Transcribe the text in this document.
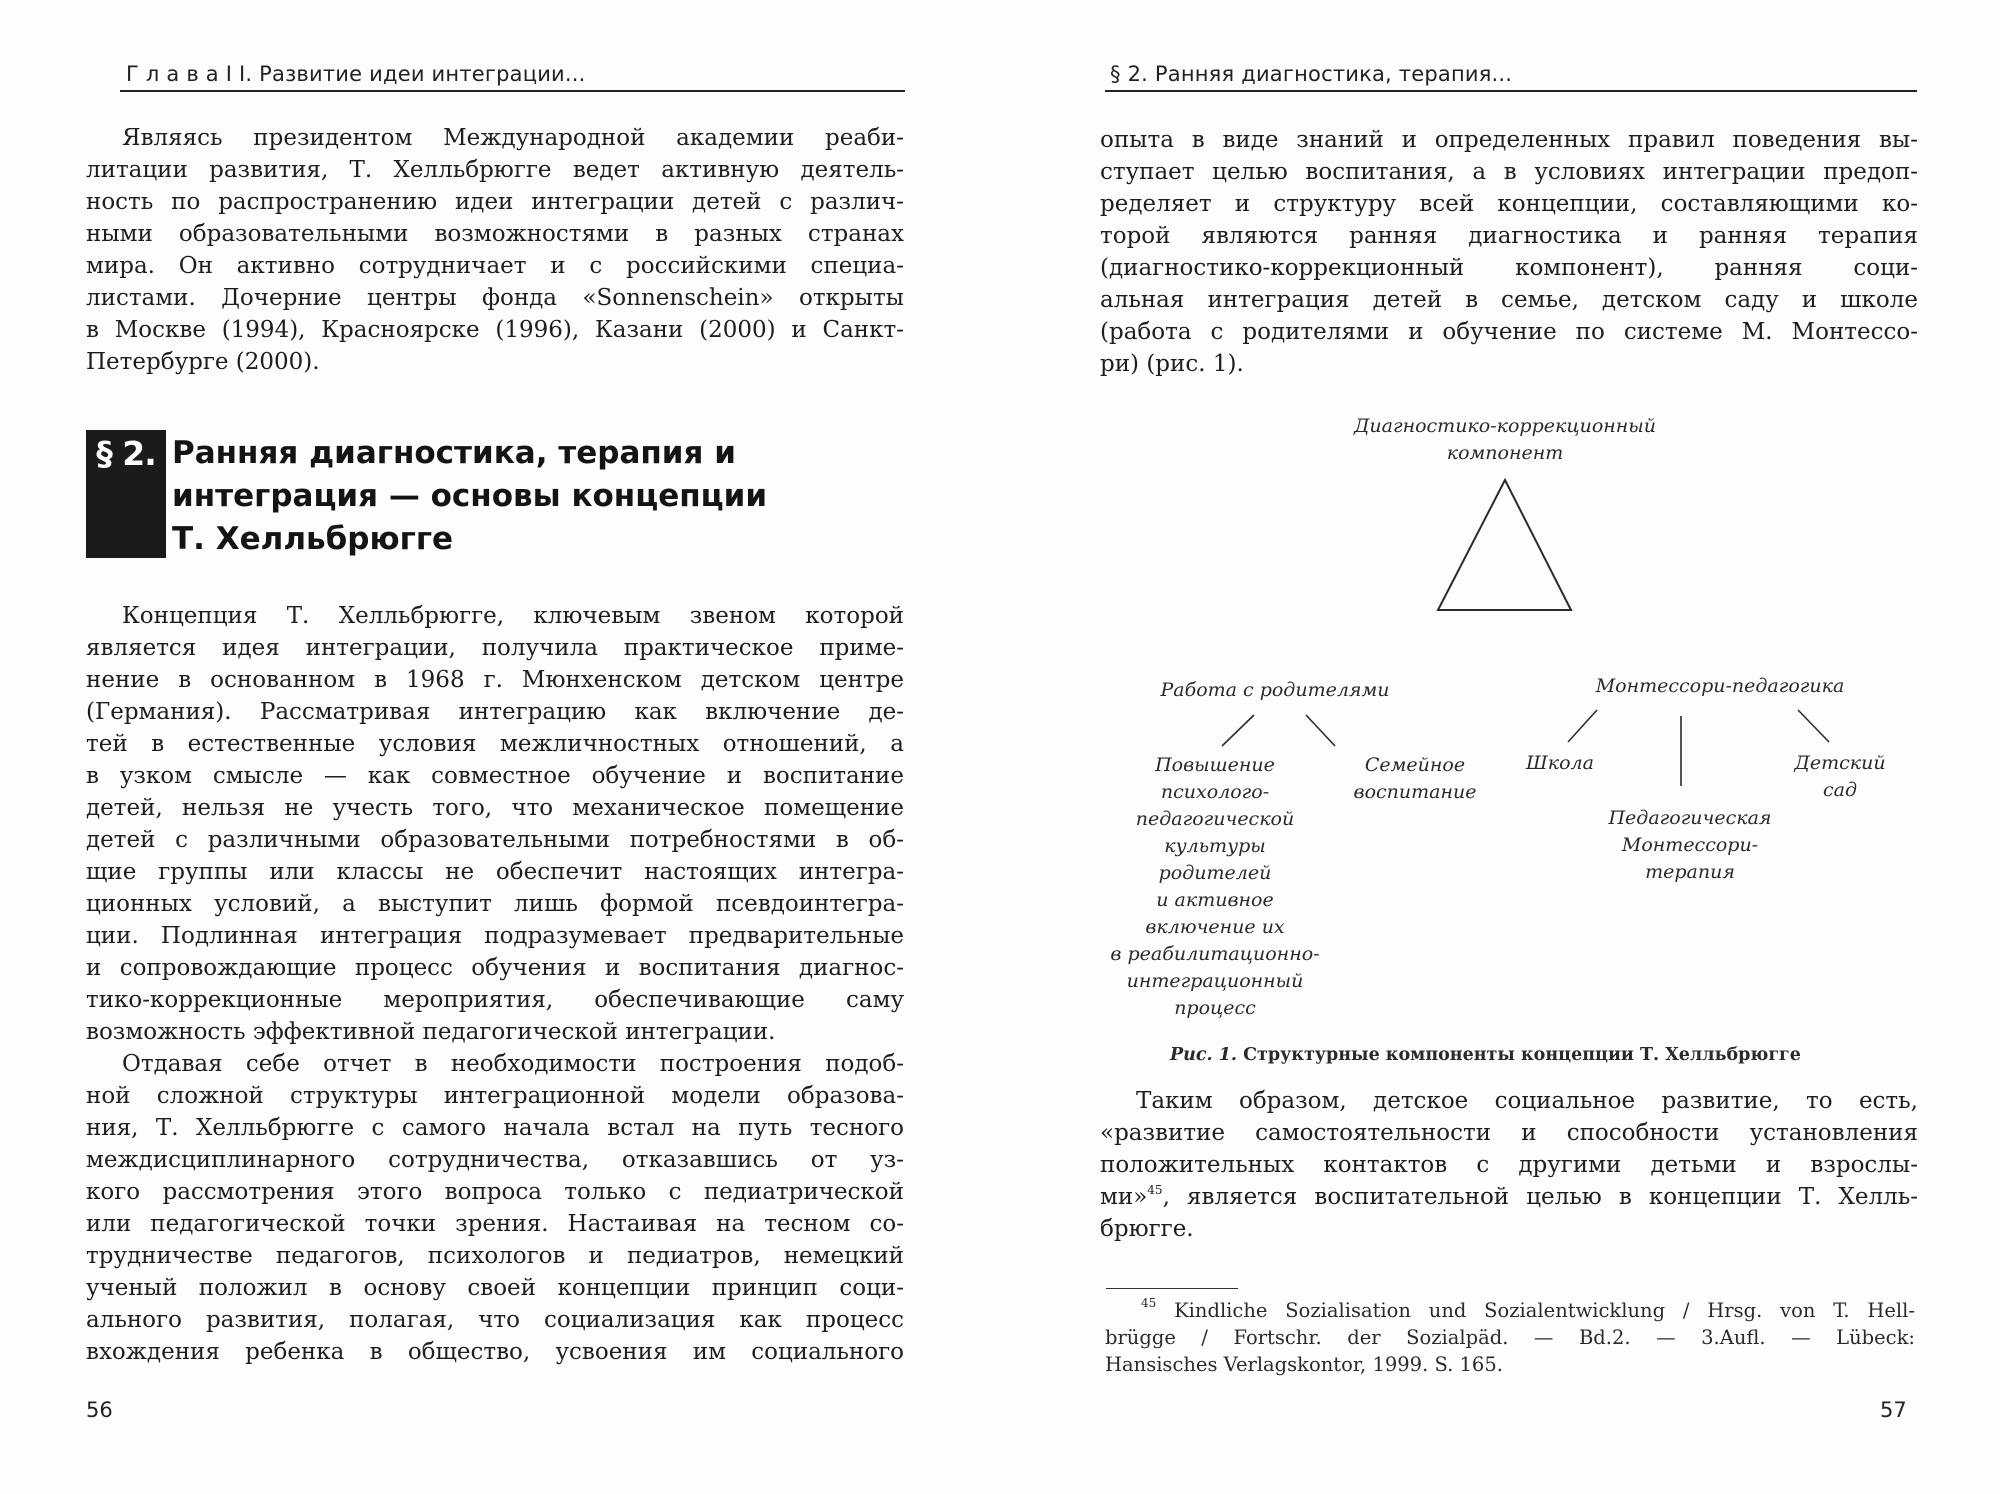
Г л а в а I I. Развитие идеи интеграции...
Являясь президентом Международной академии реаби-
литации развития, Т. Хелльбрюгге ведет активную деятель-
ность по распространению идеи интеграции детей с различ-
ными образовательными возможностями в разных странах
мира. Он активно сотрудничает и с российскими специа-
листами. Дочерние центры фонда «Sonnenschein» открыты
в Москве (1994), Красноярске (1996), Казани (2000) и Санкт-
Петербурге (2000).
§ 2. Ранняя диагностика, терапия и
интеграция — основы концепции
Т. Хелльбрюгге
Концепция Т. Хелльбрюгге, ключевым звеном которой
является идея интеграции, получила практическое приме-
нение в основанном в 1968 г. Мюнхенском детском центре
(Германия). Рассматривая интеграцию как включение де-
тей в естественные условия межличностных отношений, а
в узком смысле — как совместное обучение и воспитание
детей, нельзя не учесть того, что механическое помещение
детей с различными образовательными потребностями в об-
щие группы или классы не обеспечит настоящих интегра-
ционных условий, а выступит лишь формой псевдоинтегра-
ции. Подлинная интеграция подразумевает предварительные
и сопровождающие процесс обучения и воспитания диагнос-
тико-коррекционные мероприятия, обеспечивающие саму
возможность эффективной педагогической интеграции.
Отдавая себе отчет в необходимости построения подоб-
ной сложной структуры интеграционной модели образова-
ния, Т. Хелльбрюгге с самого начала встал на путь тесного
междисциплинарного сотрудничества, отказавшись от уз-
кого рассмотрения этого вопроса только с педиатрической
или педагогической точки зрения. Настаивая на тесном со-
трудничестве педагогов, психологов и педиатров, немецкий
ученый положил в основу своей концепции принцип соци-
ального развития, полагая, что социализация как процесс
вхождения ребенка в общество, усвоения им социального
56
§ 2. Ранняя диагностика, терапия...
опыта в виде знаний и определенных правил поведения вы-
ступает целью воспитания, а в условиях интеграции предоп-
ределяет и структуру всей концепции, составляющими ко-
торой являются ранняя диагностика и ранняя терапия
(диагностико-коррекционный компонент), ранняя соци-
альная интеграция детей в семье, детском саду и школе
(работа с родителями и обучение по системе М. Монтессо-
ри) (рис. 1).
Диагностико-коррекционный
компонент
Работа с родителями	Монтессори-педагогика
Повышение
психолого-
педагогической
культуры
родителей
и активное
включение их
в реабилитационно-
интеграционный
процесс
Семейное
воспитание
Школа	Детский
сад
Педагогическая
Монтессори-
терапия
Рис. 1. Структурные компоненты концепции Т. Хелльбрюгге
Таким образом, детское социальное развитие, то есть,
«развитие самостоятельности и способности установления
положительных контактов с другими детьми и взрослы-
ми»$^{45}$, является воспитательной целью в концепции Т. Хелль-
брюгге.
$^{45}$ Kindliche Sozialisation und Sozialentwicklung / Hrsg. von T. Hell-
brügge / Fortschr. der Sozialpäd. — Bd.2. — 3.Aufl. — Lübeck:
Hansisches Verlagskontor, 1999. S. 165.
57
